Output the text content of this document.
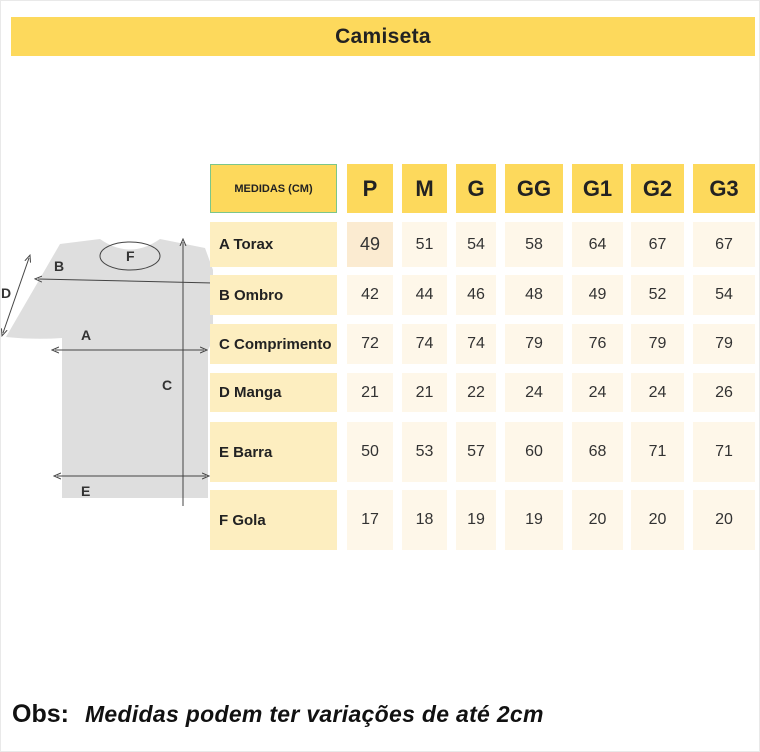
Camiseta
F
B
D
A
C
E
MEDIDAS (CM)	P	M	G	GG	G1	G2	G3
A Torax	49	51	54	58	64	67	67
B Ombro	42	44	46	48	49	52	54
C Comprimento	72	74	74	79	76	79	79
D Manga	21	21	22	24	24	24	26
E Barra	50	53	57	60	68	71	71
F Gola	17	18	19	19	20	20	20
Obs: Medidas podem ter variações de até 2cm
